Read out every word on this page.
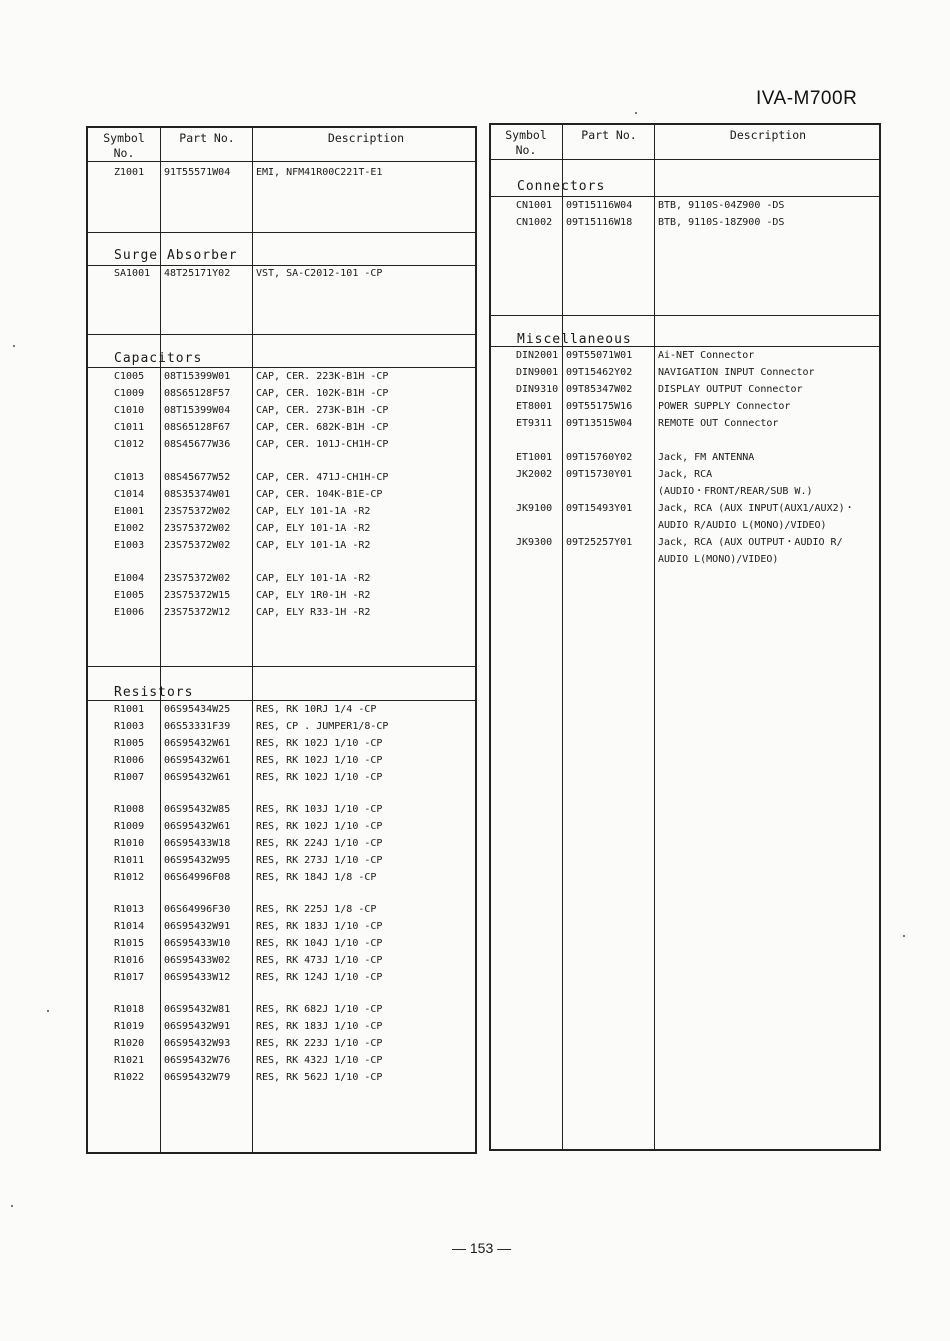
IVA-M700R
Symbol No.
Part No.	Description
Z1001 91T55571W04	EMI, NFM41R00C221T-E1
Surge Absorber
SA1001 48T25171Y02	VST, SA-C2012-101 -CP
Capacitors
Resistors
C1005 08T15399W01	CAP, CER. 223K-B1H -CP
C1009 08S65128F57	CAP, CER. 102K-B1H -CP
C1010 08T15399W04	CAP, CER. 273K-B1H -CP
C1011 08S65128F67	CAP, CER. 682K-B1H -CP
C1012 08S45677W36	CAP, CER. 101J-CH1H-CP
C1013 08S45677W52	CAP, CER. 471J-CH1H-CP
C1014 08S35374W01	CAP, CER. 104K-B1E-CP
E1001 23S75372W02	CAP, ELY 101-1A -R2
E1002 23S75372W02	CAP, ELY 101-1A -R2
E1003 23S75372W02	CAP, ELY 101-1A -R2
E1004 23S75372W02	CAP, ELY 101-1A -R2
E1005 23S75372W15	CAP, ELY 1R0-1H -R2
E1006 23S75372W12	CAP, ELY R33-1H -R2
R1001 06S95434W25	RES, RK 10RJ 1/4 -CP
R1003 06S53331F39	RES, CP . JUMPER1/8-CP
R1005 06S95432W61	RES, RK 102J 1/10 -CP
R1006 06S95432W61	RES, RK 102J 1/10 -CP
R1007 06S95432W61	RES, RK 102J 1/10 -CP
R1008 06S95432W85	RES, RK 103J 1/10 -CP
R1009 06S95432W61	RES, RK 102J 1/10 -CP
R1010 06S95433W18	RES, RK 224J 1/10 -CP
R1011 06S95432W95	RES, RK 273J 1/10 -CP
R1012 06S64996F08	RES, RK 184J 1/8 -CP
R1013 06S64996F30	RES, RK 225J 1/8 -CP
R1014 06S95432W91	RES, RK 183J 1/10 -CP
R1015 06S95433W10	RES, RK 104J 1/10 -CP
R1016 06S95433W02	RES, RK 473J 1/10 -CP
R1017 06S95433W12	RES, RK 124J 1/10 -CP
R1018 06S95432W81	RES, RK 682J 1/10 -CP
R1019 06S95432W91	RES, RK 183J 1/10 -CP
R1020 06S95432W93	RES, RK 223J 1/10 -CP
R1021 06S95432W76	RES, RK 432J 1/10 -CP
R1022 06S95432W79	RES, RK 562J 1/10 -CP
Symbol No.
Part No.	Description
Connectors
Miscellaneous
CN1001 09T15116W04	BTB, 9110S-04Z900 -DS
CN1002 09T15116W18	BTB, 9110S-18Z900 -DS
DIN2001 09T55071W01	Ai-NET Connector
DIN9001 09T15462Y02	NAVIGATION INPUT Connector
DIN9310 09T85347W02	DISPLAY OUTPUT Connector
ET8001 09T55175W16	POWER SUPPLY Connector
ET9311 09T13515W04	REMOTE OUT Connector
ET1001 09T15760Y02	Jack, FM ANTENNA
JK2002 09T15730Y01	Jack, RCA
(AUDIO・FRONT/REAR/SUB W.)
JK9100 09T15493Y01	Jack, RCA (AUX INPUT(AUX1/AUX2)・
AUDIO R/AUDIO L(MONO)/VIDEO)
JK9300 09T25257Y01	Jack, RCA (AUX OUTPUT・AUDIO R/
AUDIO L(MONO)/VIDEO)
— 153 —
